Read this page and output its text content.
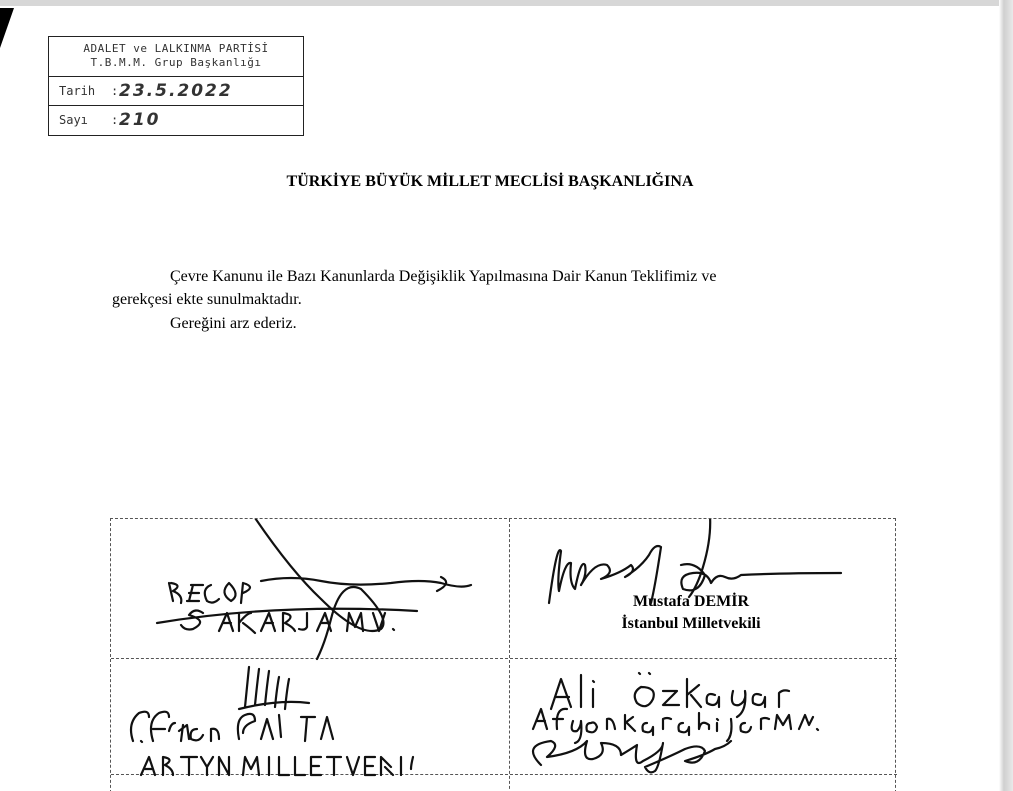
ADALET ve LALKINMA PARTİSİ
T.B.M.M. Grup Başkanlığı
Tarih : 23.5.2022
Sayı : 210
TÜRKİYE BÜYÜK MİLLET MECLİSİ BAŞKANLIĞINA
Çevre Kanunu ile Bazı Kanunlarda Değişiklik Yapılmasına Dair Kanun Teklifimiz ve
gerekçesi ekte sunulmaktadır.
Gereğini arz ederiz.
Mustafa DEMİR
İstanbul Milletvekili
